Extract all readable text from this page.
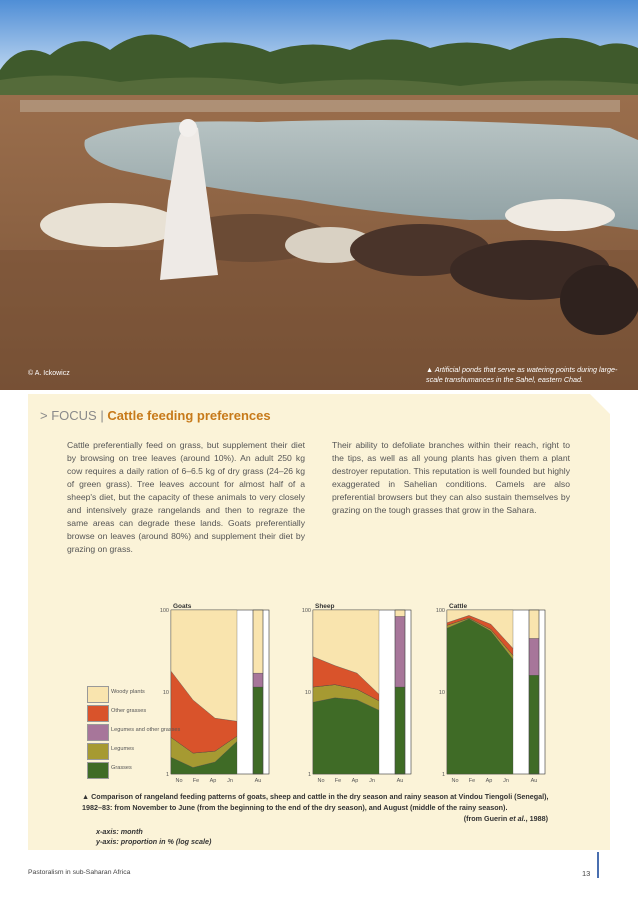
© A. Ickowicz	▲ Artificial ponds that serve as watering points during large-scale transhumances in the Sahel, eastern Chad.
> FOCUS | Cattle feeding preferences
Cattle preferentially feed on grass, but supplement their diet by browsing on tree leaves (around 10%). An adult 250 kg cow requires a daily ration of 6–6.5 kg of dry grass (24–26 kg of green grass). Tree leaves account for almost half of a sheep's diet, but the capacity of these animals to very closely and intensively graze rangelands and then to regraze the same areas can degrade these lands. Goats preferentially browse on leaves (around 80%) and supplement their diet by grazing on grass.
Their ability to defoliate branches within their reach, right to the tips, as well as all young plants has given them a plant destroyer reputation. This reputation is well founded but highly exaggerated in Sahelian conditions. Camels are also preferential browsers but they can also sustain themselves by grazing on the tough grasses that grow in the Sahara.
Goats
1
10
100
No Fe Ap Jn	Au
Sheep
1
10
100
No Fe Ap Jn	Au
Cattle
1
10
100
No Fe Ap Jn	Au
Woody plants
Other grasses
Legumes and other grasses
Legumes
Grasses
▲ Comparison of rangeland feeding patterns of goats, sheep and cattle in the dry season and rainy season at Vindou Tiengoli (Senegal), 1982–83: from November to June (from the beginning to the end of the dry season), and August (middle of the rainy season).
(from Guerin et al., 1988)
x-axis: month
y-axis: proportion in % (log scale)
Pastoralism in sub-Saharan Africa	13
